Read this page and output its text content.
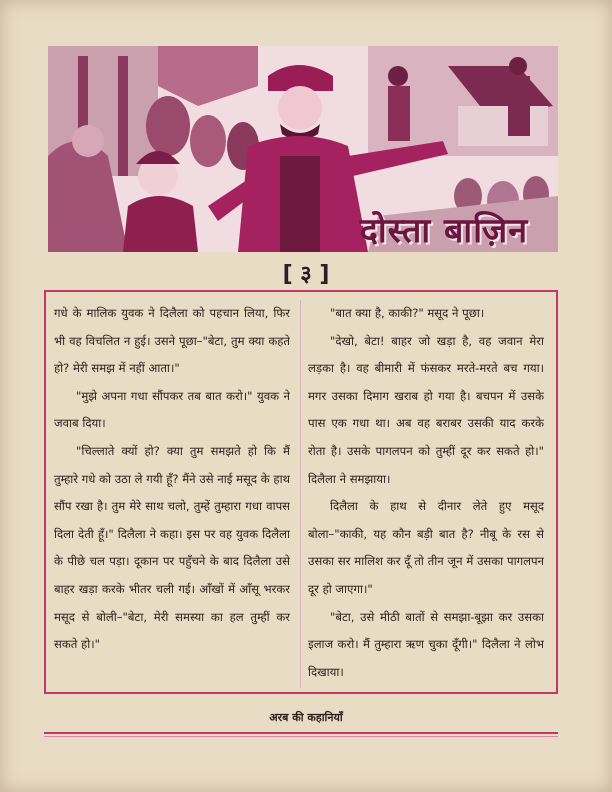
दोस्ता बाज़िन
[ ३ ]

गधे के मालिक युवक ने दिलैला को पहचान लिया, फिर भी वह विचलित न हुई। उसने पूछा–"बेटा, तुम क्या कहते हो? मेरी समझ में नहीं आता।"

"मुझे अपना गधा सौंपकर तब बात करो।" युवक ने जवाब दिया।

"चिल्लाते क्यों हो? क्या तुम समझते हो कि मैं तुम्हारे गधे को उठा ले गयी हूँ? मैंने उसे नाई मसूद के हाथ सौंप रखा है। तुम मेरे साथ चलो, तुम्हें तुम्हारा गधा वापस दिला देती हूँ।" दिलैला ने कहा। इस पर वह युवक दिलैला के पीछे चल पड़ा। दूकान पर पहुँचने के बाद दिलैला उसे बाहर खड़ा करके भीतर चली गई। आँखों में आँसू भरकर मसूद से बोली–"बेटा, मेरी समस्या का हल तुम्हीं कर सकते हो।"

"बात क्या है, काकी?" मसूद ने पूछा।

"देखो, बेटा! बाहर जो खड़ा है, वह जवान मेरा लड़का है। वह बीमारी में फंसकर मरते-मरते बच गया। मगर उसका दिमाग खराब हो गया है। बचपन में उसके पास एक गधा था। अब वह बराबर उसकी याद करके रोता है। उसके पागलपन को तुम्हीं दूर कर सकते हो।" दिलैला ने समझाया।

दिलैला के हाथ से दीनार लेते हुए मसूद बोला–"काकी, यह कौन बड़ी बात है? नीबू के रस से उसका सर मालिश कर दूँ तो तीन जून में उसका पागलपन दूर हो जाएगा।"

"बेटा, उसे मीठी बातों से समझा-बूझा कर उसका इलाज करो। मैं तुम्हारा ऋण चुका दूँगी।" दिलैला ने लोभ दिखाया।

अरब की कहानियाँ
